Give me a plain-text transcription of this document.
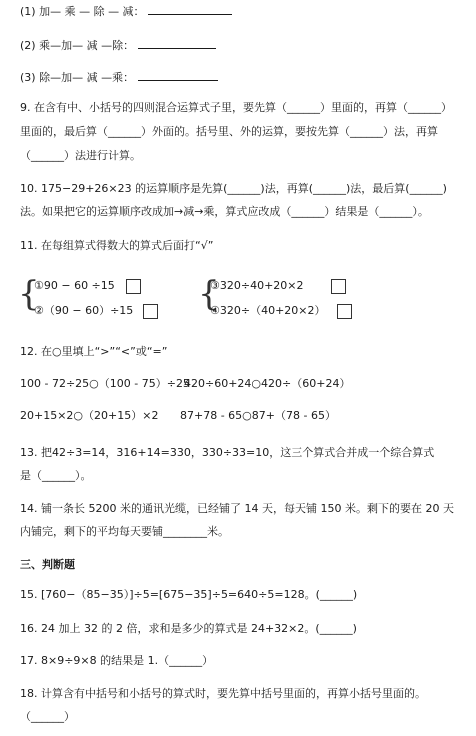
(1) 加— 乘 — 除 — 减：
(2) 乘—加— 减 —除：
(3) 除—加— 减 —乘：
9. 在含有中、小括号的四则混合运算式子里，要先算（______）里面的，再算（______）
里面的，最后算（______）外面的。括号里、外的运算，要按先算（______）法，再算
（______）法进行计算。
10. 175−29+26×23 的运算顺序是先算(______)法，再算(______)法，最后算(______)
法。如果把它的运算顺序改成加→减→乘，算式应改成（______）结果是（______）。
11. 在每组算式得数大的算式后面打“√”
{
①90 − 60 ÷15
②（90 − 60）÷15	{
③320÷40+20×2
④320÷（40+20×2）
12. 在○里填上“>”“<”或“=”
100 - 72÷25○（100 - 75）÷25
420÷60+24○420÷（60+24）
20+15×2○（20+15）×2 87+78 - 65○87+（78 - 65）
13. 把42÷3=14，316+14=330，330÷33=10，这三个算式合并成一个综合算式
是（______）。
14. 铺一条长 5200 米的通讯光缆，已经铺了 14 天，每天铺 150 米。剩下的要在 20 天
内铺完，剩下的平均每天要铺________米。
三、判断题
15. [760−（85−35）]÷5=[675−35]÷5=640÷5=128。(______)
16. 24 加上 32 的 2 倍，求和是多少的算式是 24+32×2。(______)
17. 8×9÷9×8 的结果是 1.（______）
18. 计算含有中括号和小括号的算式时，要先算中括号里面的，再算小括号里面的。
（______）
